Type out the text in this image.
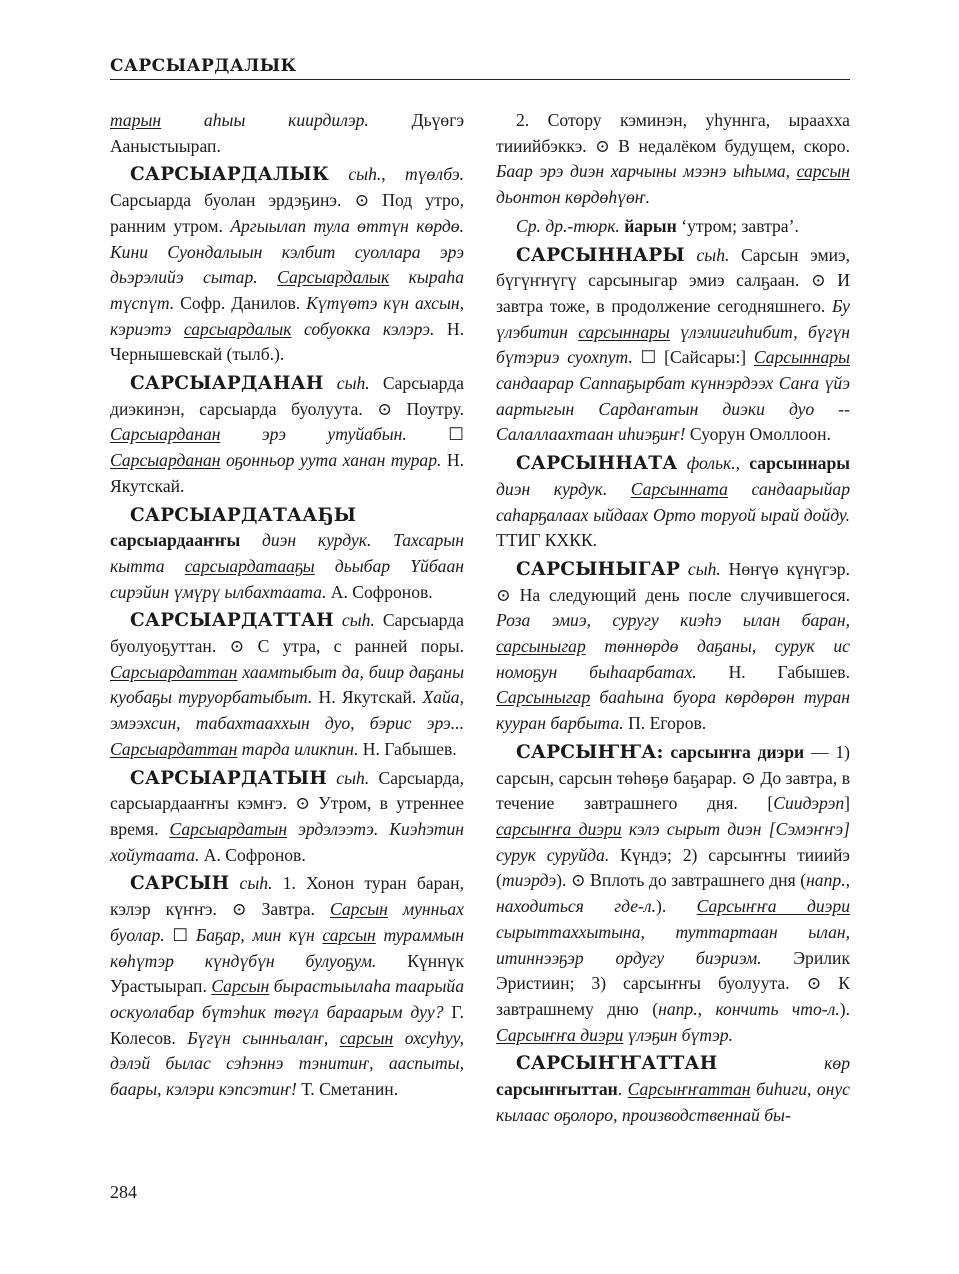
САРСЫАРДАЛЫК

тарын аһыы киирдилэр. Дьүөгэ Ааныстыырап.

САРСЫАРДАЛЫК сыһ., түөлбэ. Сарсыарда буолан эрдэҕинэ. ⊙ Под утро, ранним утром. Аргыылап тула өттүн көрдө. Кини Суондалыын кэлбит суоллара эрэ дьэрэлийэ сытар. Сарсыардалык кыраһа түспүт. Софр. Данилов. Күтүөтэ күн ахсын, кэриэтэ сарсыардалык собуоккa кэлэрэ. Н. Чернышевскай (тылб.).

САРСЫАРДАНАН сыһ. Сарсыарда диэкинэн, сарсыарда буолуута. ⊙ Поутру. Сарсыарданан эрэ утуйабын. ☐ Сарсыарданан оҕонньор уута ханан турар. Н. Якутскай.

САРСЫАРДАТААҔЫ сарсыардааҥҥы диэн курдук. Тахсарын кытта сарсыардатааҕы дьыбар Үйбаан сирэйин үмүрү ылбахтаата. А. Софронов.

САРСЫАРДАТТАН сыһ. Сарсыарда буолуоҕуттан. ⊙ С утра, с ранней поры. Сарсыардаттан хаамтыбыт да, биир даҕаны куобаҕы туруорбатыбыт. Н. Якутскай. Хайа, эмээхсин, табахтааххын дуо, бэрис эрэ... Сарсыардаттан тарда иликпин. Н. Габышев.

САРСЫАРДАТЫН сыһ. Сарсыарда, сарсыардааҥҥы кэмҥэ. ⊙ Утром, в утреннее время. Сарсыардатын эрдэлээтэ. Киэһэтин хойутаата. А. Софронов.

САРСЫН сыһ. 1. Хонон туран баран, кэлэр күҥҥэ. ⊙ Завтра. Сарсын мунньах буолар. ☐ Баҕар, мин күн сарсын тураммын көһүтэр күндүбүн булуоҕум. Күннүк Урастыырап. Сарсын бырастыылаһа таарыйа оскуолабар бүтэһик төгүл бараарым дуу? Г. Колесов. Бүгүн сынньалаҥ, сарсын охсуһуу, дэлэй былас сэһэннэ тэнитиҥ, ааспыты, баары, кэлэри кэпсэтиҥ! Т. Сметанин.

2. Сотору кэминэн, уһуннга, ыраахха тииийбэккэ. ⊙ В недалёком будущем, скоро. Баар эрэ диэн харчыны мээнэ ыһыма, сарсын дьонтон көрдөһүөҥ.

Ср. др.-тюрк. йарын ‘утром; завтра’.

САРСЫННАРЫ сыһ. Сарсын эмиэ, бүгүҥҥүгү сарсыныгар эмиэ салҕаан. ⊙ И завтра тоже, в продолжение сегодняшнего. Бу үлэбитин сарсыннары үлэлиигиһибит, бүгүн бүтэриэ суохпут. ☐ [Сайсары:] Сарсыннары сандаарар Саппаҕырбат күннэрдээх Саҥа үйэ аартыгын Сардаҥатын диэки дуо -- Салаллаахтаан иһиэҕиҥ! Суорун Омоллоон.

САРСЫННАТА фольк., сарсыннары диэн курдук. Сарсынната сандаарыйар саһарҕалаах ыйдаах Орто торуой ырай дойду. ТТИГ КХКК.

САРСЫНЫГАР сыһ. Нөҥүө күнүгэр. ⊙ На следующий день после случившегося. Роза эмиэ, суругу киэһэ ылан баран, сарсыныгар төннөрдө даҕаны, сурук ис номоҕун быһаарбатах. Н. Габышев. Сарсыныгар бааһына буора көрдөрөн туран кууран барбыта. П. Егоров.

САРСЫҤҤА: сарсыҥҥа диэри — 1) сарсын, сарсын төһөҕө баҕарар. ⊙ До завтра, в течение завтрашнего дня. [Сиидэрэп] сарсыҥҥа диэри кэлэ сырыт диэн [Сэмэҥҥэ] сурук суруйда. Күндэ; 2) сарсыҥҥы тииийэ (тиэрдэ). ⊙ Вплоть до завтрашнего дня (напр., находиться где-л.). Сарсыҥҥа диэри сырыттаххытына, туттартаан ылан, итиннээҕэр ордугу биэриэм. Эрилик Эристиин; 3) сарсыҥҥы буолуута. ⊙ К завтрашнему дню (напр., кончить что-л.). Сарсыҥҥа диэри үлэҕин бүтэр.

САРСЫҤҤАТТАН көр сарсыҥҥыттан. Сарсыҥҥаттан биһиги, онус кылаас оҕолоро, производственнай бы-

284
